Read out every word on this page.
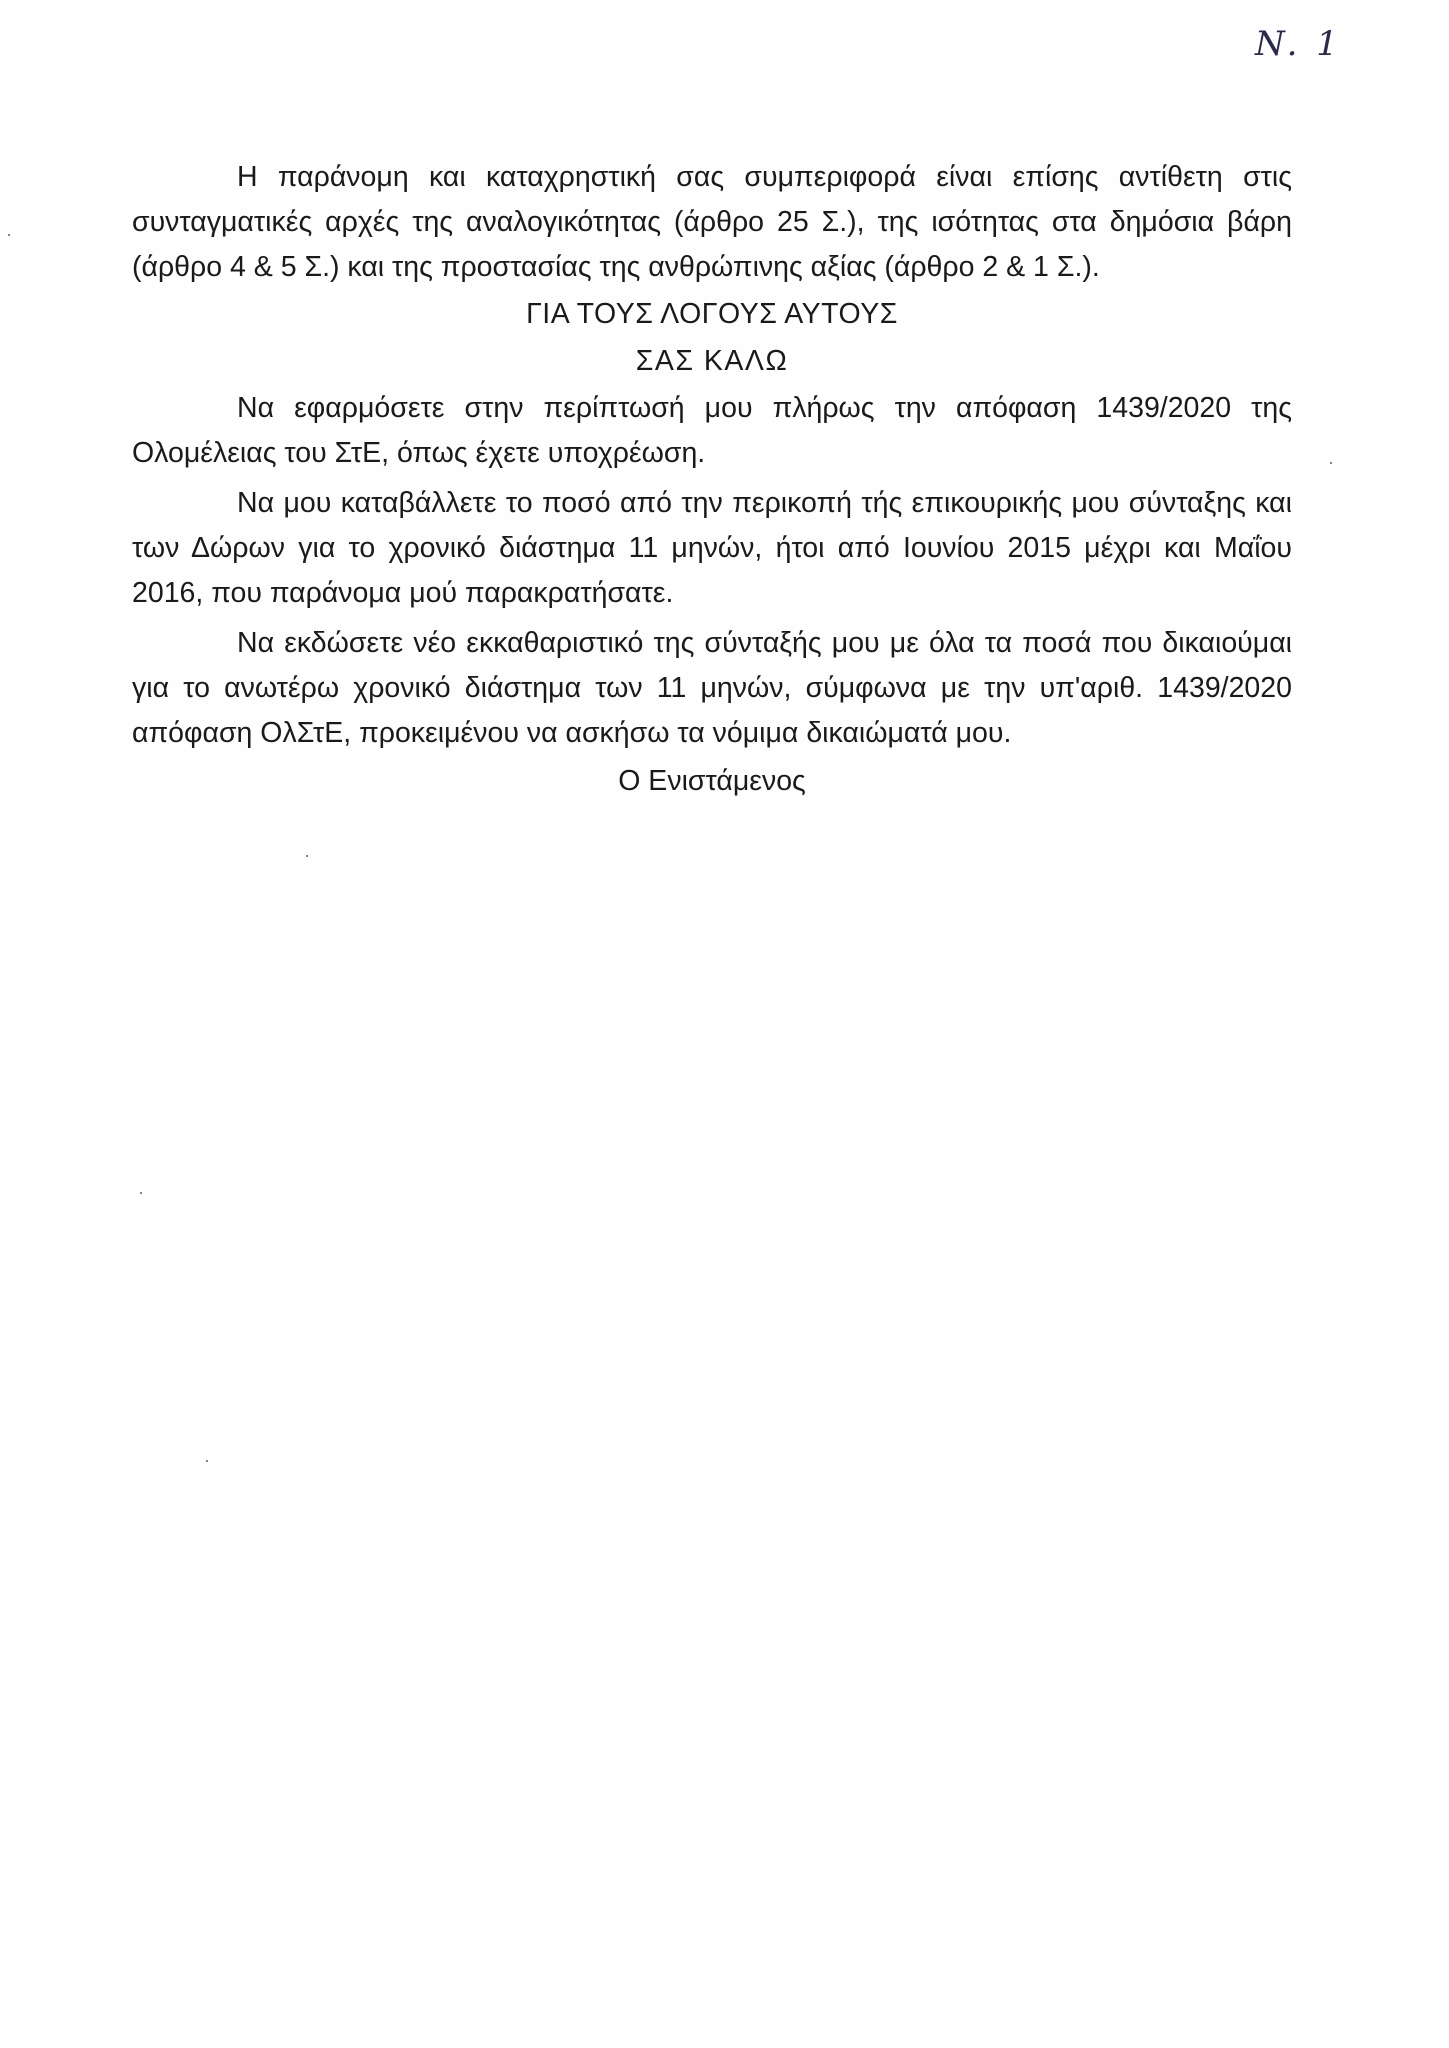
N. 1

Η παράνομη και καταχρηστική σας συμπεριφορά είναι επίσης αντίθετη στις συνταγματικές αρχές της αναλογικότητας (άρθρο 25 Σ.), της ισότητας στα δημόσια βάρη (άρθρο 4 & 5 Σ.) και της προστασίας της ανθρώπινης αξίας (άρθρο 2 & 1 Σ.).

ΓΙΑ ΤΟΥΣ ΛΟΓΟΥΣ ΑΥΤΟΥΣ

ΣΑΣ ΚΑΛΩ

Να εφαρμόσετε στην περίπτωσή μου πλήρως την απόφαση 1439/2020 της Ολομέλειας του ΣτΕ, όπως έχετε υποχρέωση.

Να μου καταβάλλετε το ποσό από την περικοπή τής επικουρικής μου σύνταξης και των Δώρων για το χρονικό διάστημα 11 μηνών, ήτοι από Ιουνίου 2015 μέχρι και Μαΐου 2016, που παράνομα μού παρακρατήσατε.

Να εκδώσετε νέο εκκαθαριστικό της σύνταξής μου με όλα τα ποσά που δικαιούμαι για το ανωτέρω χρονικό διάστημα των 11 μηνών, σύμφωνα με την υπ'αριθ. 1439/2020 απόφαση ΟλΣτΕ, προκειμένου να ασκήσω τα νόμιμα δικαιώματά μου.

Ο Ενιστάμενος
